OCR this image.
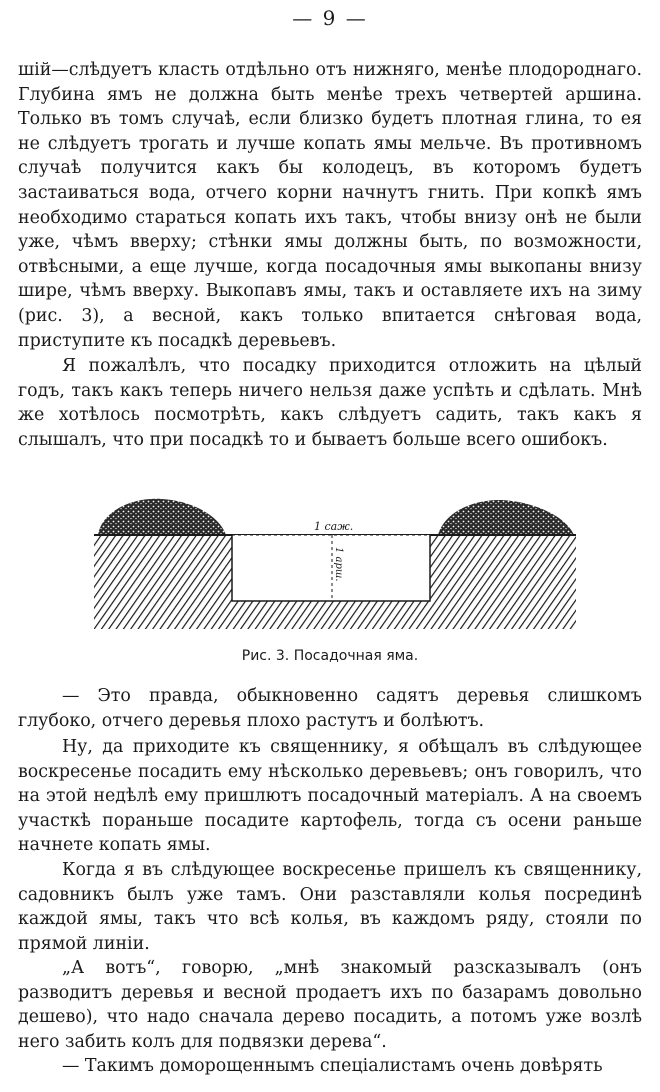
— 9 —
шій—слѣдуетъ класть отдѣльно отъ нижняго, менѣе плодороднаго. Глубина ямъ не должна быть менѣе трехъ четвертей аршина. Только въ томъ случаѣ, если близко будетъ плотная глина, то ея не слѣдуетъ трогать и лучше копать ямы мельче. Въ противномъ случаѣ получится какъ бы колодецъ, въ которомъ будетъ застаиваться вода, отчего корни начнутъ гнить. При копкѣ ямъ необходимо стараться копать ихъ такъ, чтобы внизу онѣ не были уже, чѣмъ вверху; стѣнки ямы должны быть, по возможности, отвѣсными, а еще лучше, когда посадочныя ямы выкопаны внизу шире, чѣмъ вверху. Выкопавъ ямы, такъ и оставляете ихъ на зиму (рис. 3), а весной, какъ только впитается снѣговая вода, приступите къ посадкѣ деревьевъ.
Я пожалѣлъ, что посадку приходится отложить на цѣлый годъ, такъ какъ теперь ничего нельзя даже успѣть и сдѣлать. Мнѣ же хотѣлось посмотрѣть, какъ слѣдуетъ садить, такъ какъ я слышалъ, что при посадкѣ то и бываетъ больше всего ошибокъ.
1 саж.
1 арш.
Рис. 3. Посадочная яма.
— Это правда, обыкновенно садятъ деревья слишкомъ глубоко, отчего деревья плохо растутъ и болѣютъ.
Ну, да приходите къ священнику, я обѣщалъ въ слѣдующее воскресенье посадить ему нѣсколько деревьевъ; онъ говорилъ, что на этой недѣлѣ ему пришлютъ посадочный матеріалъ. А на своемъ участкѣ пораньше посадите картофель, тогда съ осени раньше начнете копать ямы.
Когда я въ слѣдующее воскресенье пришелъ къ священнику, садовникъ былъ уже тамъ. Они разставляли колья посрединѣ каждой ямы, такъ что всѣ колья, въ каждомъ ряду, стояли по прямой линіи.
„А вотъ“, говорю, „мнѣ знакомый разсказывалъ (онъ разводитъ деревья и весной продаетъ ихъ по базарамъ довольно дешево), что надо сначала дерево посадить, а потомъ уже возлѣ него забить колъ для подвязки дерева“.
— Такимъ доморощеннымъ спеціалистамъ очень довѣрять
